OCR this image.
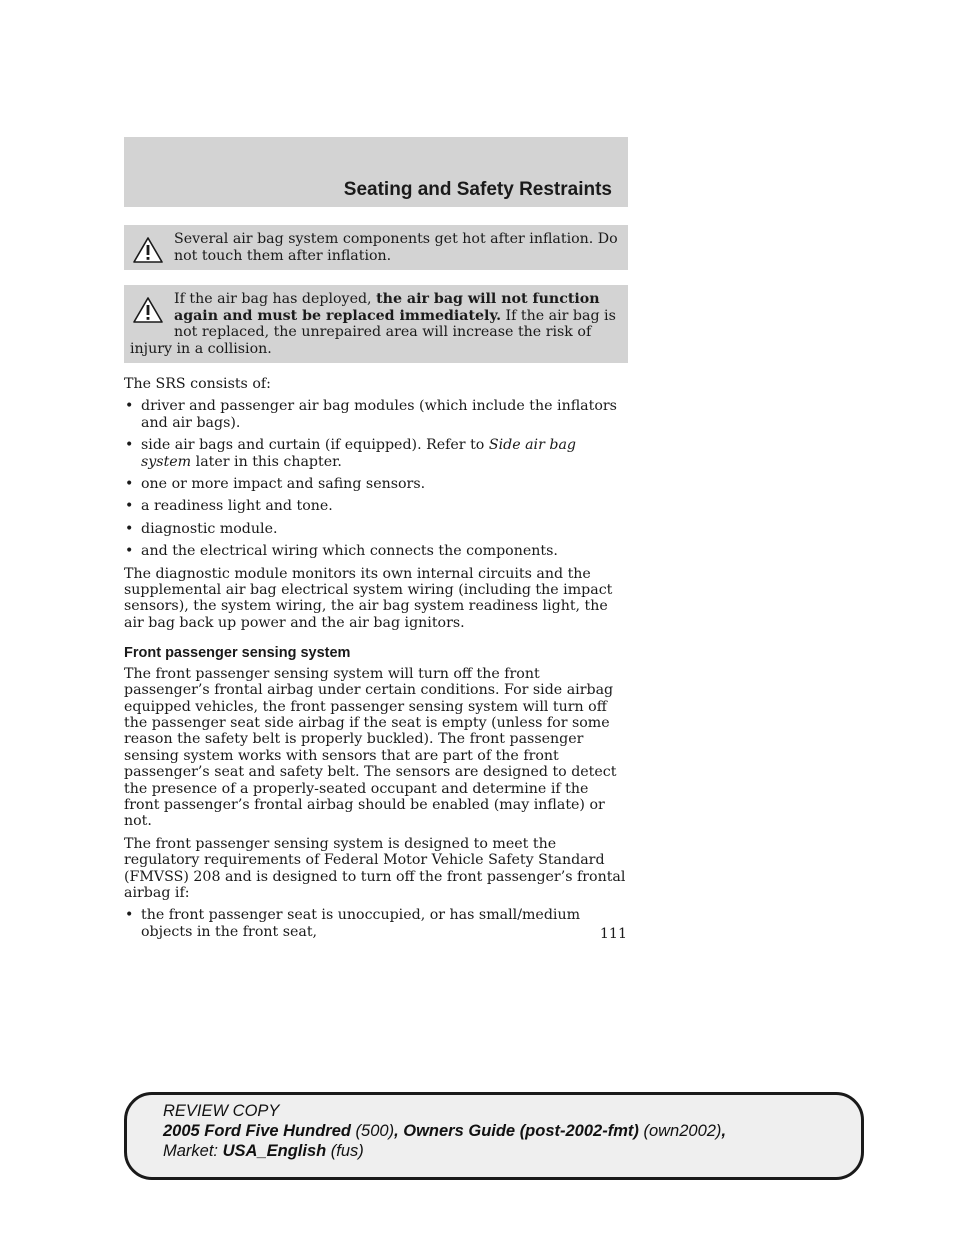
Seating and Safety Restraints
Several air bag system components get hot after inflation. Do not touch them after inflation.
If the air bag has deployed, the air bag will not function again and must be replaced immediately. If the air bag is not replaced, the unrepaired area will increase the risk of injury in a collision.

The SRS consists of:

• driver and passenger air bag modules (which include the inflators and air bags).
• side air bags and curtain (if equipped). Refer to Side air bag system later in this chapter.
• one or more impact and safing sensors.
• a readiness light and tone.
• diagnostic module.
• and the electrical wiring which connects the components.

The diagnostic module monitors its own internal circuits and the supplemental air bag electrical system wiring (including the impact sensors), the system wiring, the air bag system readiness light, the air bag back up power and the air bag ignitors.

Front passenger sensing system

The front passenger sensing system will turn off the front passenger’s frontal airbag under certain conditions. For side airbag equipped vehicles, the front passenger sensing system will turn off the passenger seat side airbag if the seat is empty (unless for some reason the safety belt is properly buckled). The front passenger sensing system works with sensors that are part of the front passenger’s seat and safety belt. The sensors are designed to detect the presence of a properly-seated occupant and determine if the front passenger’s frontal airbag should be enabled (may inflate) or not.

The front passenger sensing system is designed to meet the regulatory requirements of Federal Motor Vehicle Safety Standard (FMVSS) 208 and is designed to turn off the front passenger’s frontal airbag if:

• the front passenger seat is unoccupied, or has small/medium objects in the front seat,	111
REVIEW COPY
2005 Ford Five Hundred (500), Owners Guide (post-2002-fmt) (own2002),
Market: USA_English (fus)
